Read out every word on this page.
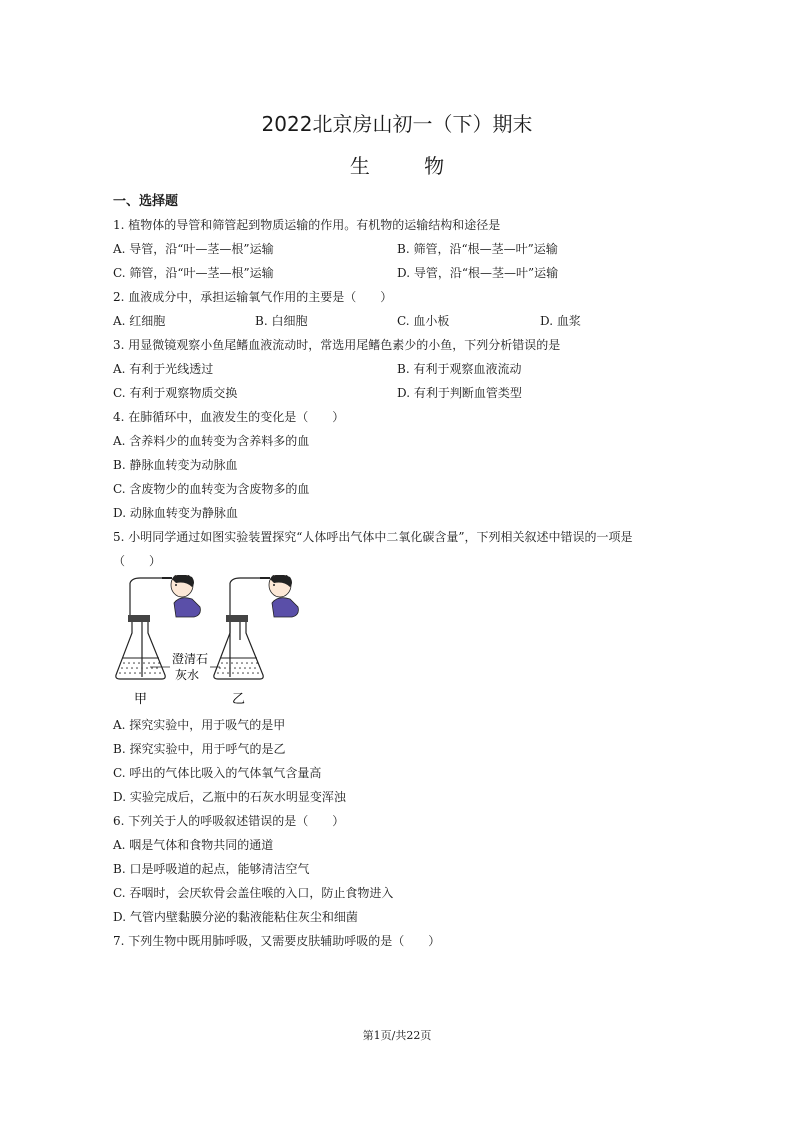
2022北京房山初一（下）期末
生	物
一、选择题
1. 植物体的导管和筛管起到物质运输的作用。有机物的运输结构和途径是
A. 导管，沿“叶—茎—根”运输	B. 筛管，沿“根—茎—叶”运输
C. 筛管，沿“叶—茎—根”运输	D. 导管，沿“根—茎—叶”运输
2. 血液成分中，承担运输氧气作用的主要是（　　）
A. 红细胞	B. 白细胞	C. 血小板	D. 血浆
3. 用显微镜观察小鱼尾鳍血液流动时，常选用尾鳍色素少的小鱼，下列分析错误的是
A. 有利于光线透过	B. 有利于观察血液流动
C. 有利于观察物质交换	D. 有利于判断血管类型
4. 在肺循环中，血液发生的变化是（　　）
A. 含养料少的血转变为含养料多的血
B. 静脉血转变为动脉血
C. 含废物少的血转变为含废物多的血
D. 动脉血转变为静脉血
5. 小明同学通过如图实验装置探究“人体呼出气体中二氧化碳含量”，下列相关叙述中错误的一项是
（　　）
澄清石
灰水
甲	乙
A. 探究实验中，用于吸气的是甲
B. 探究实验中，用于呼气的是乙
C. 呼出的气体比吸入的气体氧气含量高
D. 实验完成后，乙瓶中的石灰水明显变浑浊
6. 下列关于人的呼吸叙述错误的是（　　）
A. 咽是气体和食物共同的通道
B. 口是呼吸道的起点，能够清洁空气
C. 吞咽时，会厌软骨会盖住喉的入口，防止食物进入
D. 气管内壁黏膜分泌的黏液能粘住灰尘和细菌
7. 下列生物中既用肺呼吸，又需要皮肤辅助呼吸的是（　　）
第1页/共22页
